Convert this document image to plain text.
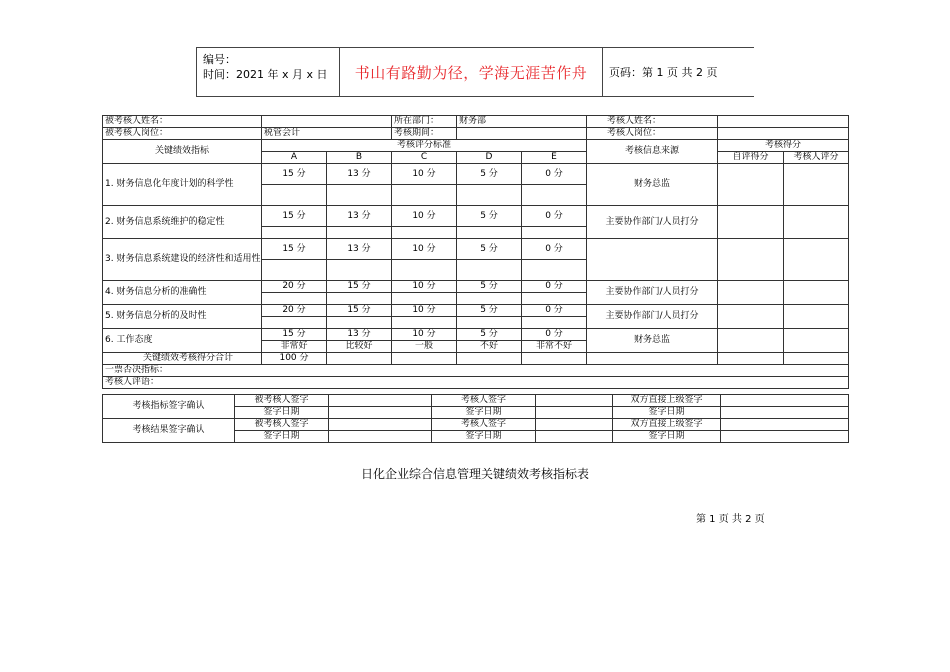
编号：
时间：2021 年 x 月 x 日 书山有路勤为径，学海无涯苦作舟 页码：第 1 页 共 2 页
被考核人姓名：			所在部门：	财务部		考核人姓名：		
被考核人岗位：	税管会计		考核期间：			考核人岗位：		
关键绩效指标	考核评分标准					考核信息来源	考核得分	
	A	B	C	D	E		自评得分	考核人评分
1. 财务信息化年度计划的科学性	15 分	13 分	10 分	5 分	0 分	财务总监		

2. 财务信息系统维护的稳定性	15 分	13 分	10 分	5 分	0 分	主要协作部门/人员打分		

3. 财务信息系统建设的经济性和适用性	15 分	13 分	10 分	5 分	0 分			

4. 财务信息分析的准确性	20 分	15 分	10 分	5 分	0 分	主要协作部门/人员打分		

5. 财务信息分析的及时性	20 分	15 分	10 分	5 分	0 分	主要协作部门/人员打分		

6. 工作态度	15 分	13 分	10 分	5 分	0 分	财务总监		
	非常好	比较好	一般	不好	非常不好			
关键绩效考核得分合计	100 分							
一票否决指标：								
考核人评语：								
考核指标签字确认	被考核人签字		考核人签字		双方直接上级签字	
	签字日期		签字日期		签字日期	
考核结果签字确认	被考核人签字		考核人签字		双方直接上级签字	
	签字日期		签字日期		签字日期	
日化企业综合信息管理关键绩效考核指标表
第 1 页 共 2 页
